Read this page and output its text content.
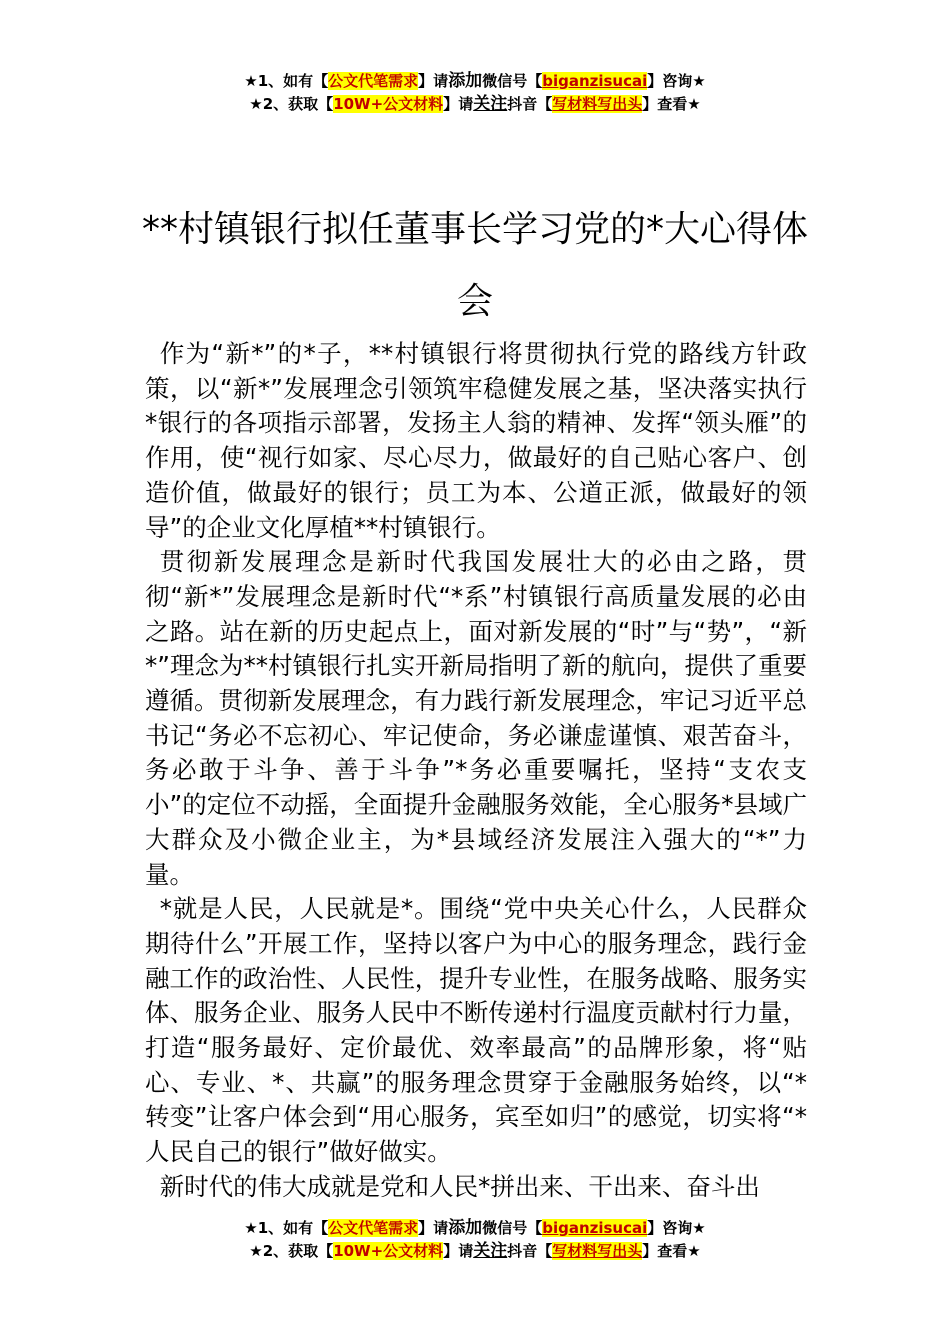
★1、如有【公文代笔需求】请添加微信号【biganzisucai】咨询★
★2、获取【10W+公文材料】请关注抖音【写材料写出头】查看★
**村镇银行拟任董事长学习党的*大心得体会

作为“新*”的*子，**村镇银行将贯彻执行党的路线方针政策，以“新*”发展理念引领筑牢稳健发展之基，坚决落实执行*银行的各项指示部署，发扬主人翁的精神、发挥“领头雁”的作用，使“视行如家、尽心尽力，做最好的自己贴心客户、创造价值，做最好的银行；员工为本、公道正派，做最好的领导”的企业文化厚植**村镇银行。

贯彻新发展理念是新时代我国发展壮大的必由之路，贯彻“新*”发展理念是新时代“*系”村镇银行高质量发展的必由之路。站在新的历史起点上，面对新发展的“时”与“势”，“新*”理念为**村镇银行扎实开新局指明了新的航向，提供了重要遵循。贯彻新发展理念，有力践行新发展理念，牢记习近平总书记“务必不忘初心、牢记使命，务必谦虚谨慎、艰苦奋斗，务必敢于斗争、善于斗争”*务必重要嘱托，坚持“支农支小”的定位不动摇，全面提升金融服务效能，全心服务*县域广大群众及小微企业主，为*县域经济发展注入强大的“*”力量。

*就是人民，人民就是*。围绕“党中央关心什么，人民群众期待什么”开展工作，坚持以客户为中心的服务理念，践行金融工作的政治性、人民性，提升专业性，在服务战略、服务实体、服务企业、服务人民中不断传递村行温度贡献村行力量，打造“服务最好、定价最优、效率最高”的品牌形象，将“贴心、专业、*、共赢”的服务理念贯穿于金融服务始终，以“*转变”让客户体会到“用心服务，宾至如归”的感觉，切实将“*人民自己的银行”做好做实。

新时代的伟大成就是党和人民*拼出来、干出来、奋斗出

★1、如有【公文代笔需求】请添加微信号【biganzisucai】咨询★
★2、获取【10W+公文材料】请关注抖音【写材料写出头】查看★
